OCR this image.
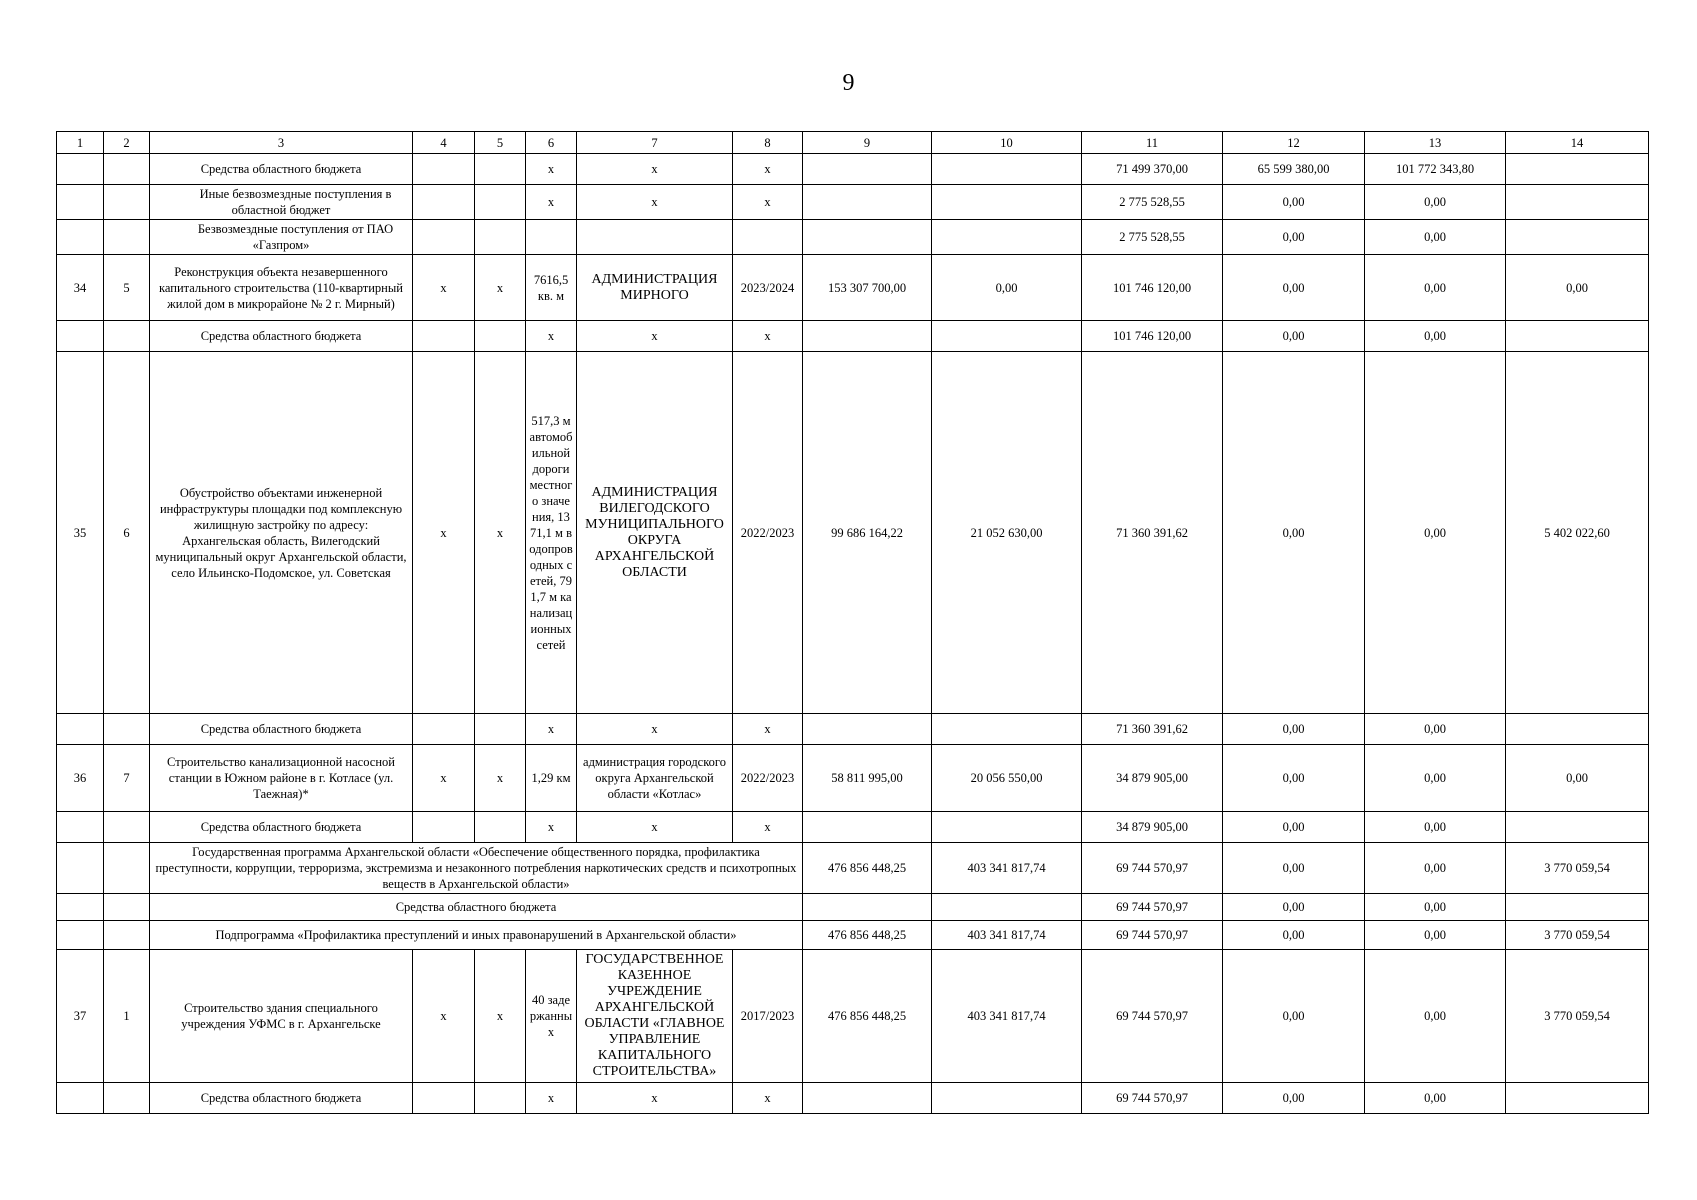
9
1	2	3	4	5	6	7	8	9	10	11	12	13	14
		Средства областного бюджета			х	х	х			71 499 370,00	65 599 380,00	101 772 343,80	
		Иные безвозмездные поступления в областной бюджет			х	х	х			2 775 528,55	0,00	0,00	
		Безвозмездные поступления от ПАО «Газпром»								2 775 528,55	0,00	0,00	
34	5	Реконструкция объекта незавершенного капитального строительства (110-квартирный жилой дом в микрорайоне № 2 г. Мирный)	х	х	7616,5 кв. м	АДМИНИСТРАЦИЯ МИРНОГО	2023/2024	153 307 700,00	0,00	101 746 120,00	0,00	0,00	0,00
		Средства областного бюджета			х	х	х			101 746 120,00	0,00	0,00	
35	6	Обустройство объектами инженерной инфраструктуры площадки под комплексную жилищную застройку по адресу: Архангельская область, Вилегодский муниципальный округ Архангельской области, село Ильинско-Подомское, ул. Советская	х	х	517,3 м автомобильной дороги местного значения, 1371,1 м водопроводных сетей, 791,7 м канализационных сетей	АДМИНИСТРАЦИЯ ВИЛЕГОДСКОГО МУНИЦИПАЛЬНОГО ОКРУГА АРХАНГЕЛЬСКОЙ ОБЛАСТИ	2022/2023	99 686 164,22	21 052 630,00	71 360 391,62	0,00	0,00	5 402 022,60
		Средства областного бюджета			х	х	х			71 360 391,62	0,00	0,00	
36	7	Строительство канализационной насосной станции в Южном районе в г. Котласе (ул. Таежная)*	х	х	1,29 км	администрация городского округа Архангельской области «Котлас»	2022/2023	58 811 995,00	20 056 550,00	34 879 905,00	0,00	0,00	0,00
		Средства областного бюджета			х	х	х			34 879 905,00	0,00	0,00	
		Государственная программа Архангельской области «Обеспечение общественного порядка, профилактика преступности, коррупции, терроризма, экстремизма и незаконного потребления наркотических средств и психотропных веществ в Архангельской области»						476 856 448,25	403 341 817,74	69 744 570,97	0,00	0,00	3 770 059,54
		Средства областного бюджета								69 744 570,97	0,00	0,00	
		Подпрограмма «Профилактика преступлений и иных правонарушений в Архангельской области»						476 856 448,25	403 341 817,74	69 744 570,97	0,00	0,00	3 770 059,54
37	1	Строительство здания специального учреждения УФМС в г. Архангельске	х	х	40 задержанных	ГОСУДАРСТВЕННОЕ КАЗЕННОЕ УЧРЕЖДЕНИЕ АРХАНГЕЛЬСКОЙ ОБЛАСТИ «ГЛАВНОЕ УПРАВЛЕНИЕ КАПИТАЛЬНОГО СТРОИТЕЛЬСТВА»	2017/2023	476 856 448,25	403 341 817,74	69 744 570,97	0,00	0,00	3 770 059,54
		Средства областного бюджета			х	х	х			69 744 570,97	0,00	0,00	
